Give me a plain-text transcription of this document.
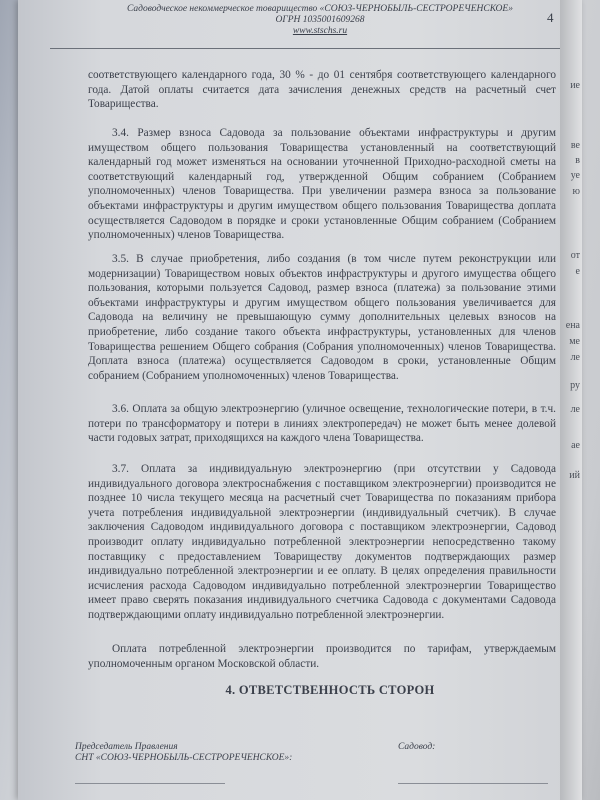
ие
ве
в
уе
ю
от
е
ена
ме
ле
ру
ле
ае
ий
Садоводческое некоммерческое товарищество «СОЮЗ-ЧЕРНОБЫЛЬ-СЕСТРОРЕЧЕНСКОЕ»
ОГРН 1035001609268
www.stschs.ru
4
соответствующего календарного года, 30 % - до 01 сентября соответствующего календарного года. Датой оплаты считается дата зачисления денежных средств на расчетный счет Товарищества.
3.4. Размер взноса Садовода за пользование объектами инфраструктуры и другим имуществом общего пользования Товарищества установленный на соответствующий календарный год может изменяться на основании уточненной Приходно-расходной сметы на соответствующий календарный год, утвержденной Общим собранием (Собранием уполномоченных) членов Товарищества. При увеличении размера взноса за пользование объектами инфраструктуры и другим имуществом общего пользования Товарищества доплата осуществляется Садоводом в порядке и сроки установленные Общим собранием (Собранием уполномоченных) членов Товарищества.
3.5. В случае приобретения, либо создания (в том числе путем реконструкции или модернизации) Товариществом новых объектов инфраструктуры и другого имущества общего пользования, которыми пользуется Садовод, размер взноса (платежа) за пользование этими объектами инфраструктуры и другим имуществом общего пользования увеличивается для Садовода на величину не превышающую сумму дополнительных целевых взносов на приобретение, либо создание такого объекта инфраструктуры, установленных для членов Товарищества решением Общего собрания (Собрания уполномоченных) членов Товарищества. Доплата взноса (платежа) осуществляется Садоводом в сроки, установленные Общим собранием (Собранием уполномоченных) членов Товарищества.
3.6. Оплата за общую электроэнергию (уличное освещение, технологические потери, в т.ч. потери по трансформатору и потери в линиях электропередач) не может быть менее долевой части годовых затрат, приходящихся на каждого члена Товарищества.
3.7. Оплата за индивидуальную электроэнергию (при отсутствии у Садовода индивидуального договора электроснабжения с поставщиком электроэнергии) производится не позднее 10 числа текущего месяца на расчетный счет Товарищества по показаниям прибора учета потребления индивидуальной электроэнергии (индивидуальный счетчик). В случае заключения Садоводом индивидуального договора с поставщиком электроэнергии, Садовод производит оплату индивидуально потребленной электроэнергии непосредственно такому поставщику с предоставлением Товариществу документов подтверждающих размер индивидуально потребленной электроэнергии и ее оплату. В целях определения правильности исчисления расхода Садоводом индивидуально потребленной электроэнергии Товарищество имеет право сверять показания индивидуального счетчика Садовода с документами Садовода подтверждающими оплату индивидуально потребленной электроэнергии.
Оплата потребленной электроэнергии производится по тарифам, утверждаемым уполномоченным органом Московской области.
4. ОТВЕТСТВЕННОСТЬ СТОРОН
Председатель Правления
СНТ «СОЮЗ-ЧЕРНОБЫЛЬ-СЕСТРОРЕЧЕНСКОЕ»:
Садовод:
